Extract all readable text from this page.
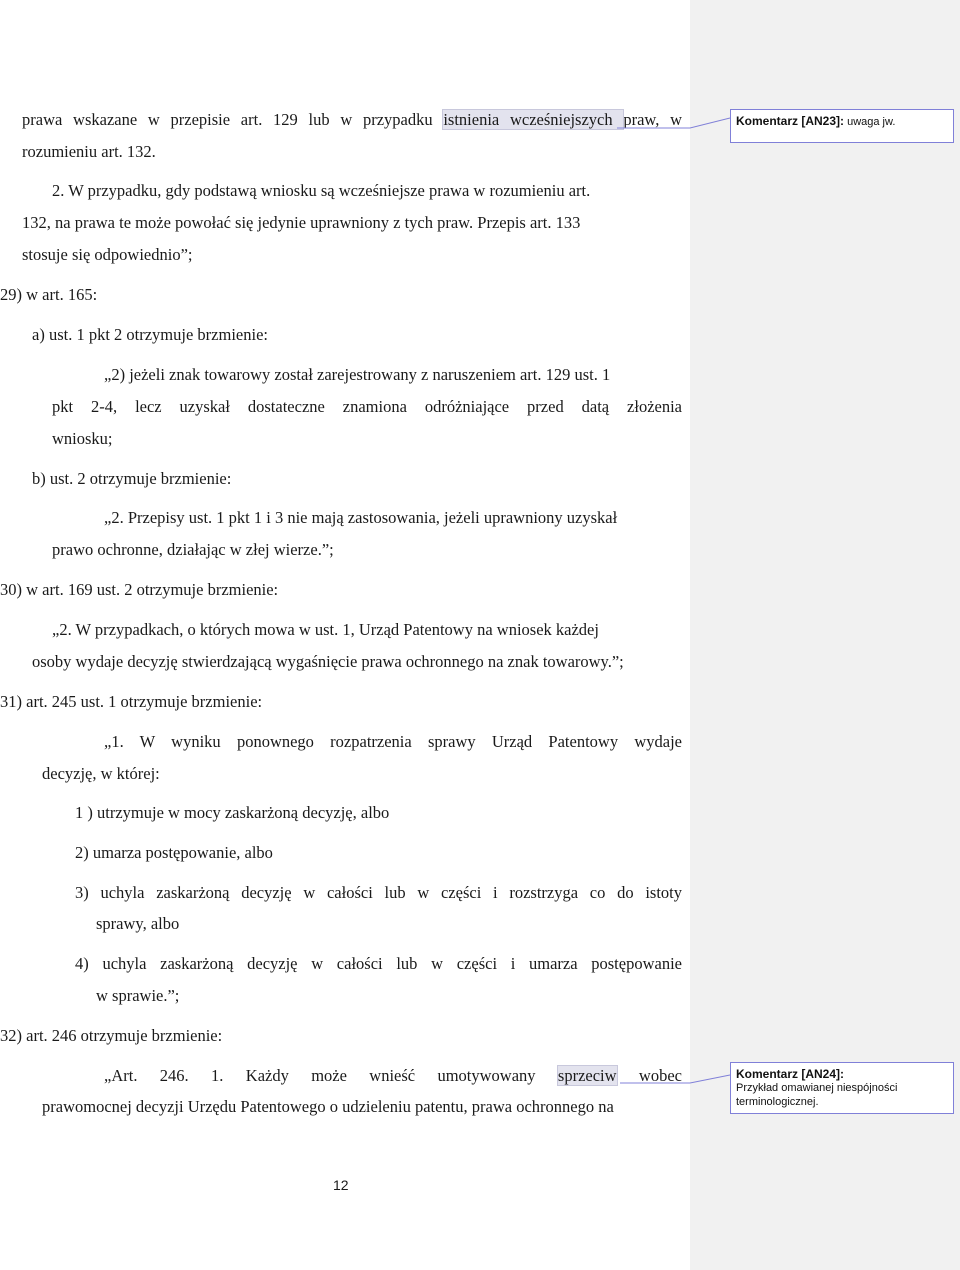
prawa wskazane w przepisie art. 129 lub w przypadku istnienia wcześniejszych praw, w
rozumieniu art. 132.
2. W przypadku, gdy podstawą wniosku są wcześniejsze prawa w rozumieniu art.
132, na prawa te może powołać się jedynie uprawniony z tych praw. Przepis art. 133
stosuje się odpowiednio”;
29) w art. 165:
a) ust. 1 pkt 2 otrzymuje brzmienie:
„2) jeżeli znak towarowy został zarejestrowany z naruszeniem art. 129 ust. 1
pkt 2-4, lecz uzyskał dostateczne znamiona odróżniające przed datą złożenia
wniosku;
b) ust. 2 otrzymuje brzmienie:
„2. Przepisy ust. 1 pkt 1 i 3 nie mają zastosowania, jeżeli uprawniony uzyskał
prawo ochronne, działając w złej wierze.”;
30) w art. 169 ust. 2 otrzymuje brzmienie:
„2. W przypadkach, o których mowa w ust. 1, Urząd Patentowy na wniosek każdej
osoby wydaje decyzję stwierdzającą wygaśnięcie prawa ochronnego na znak towarowy.”;
31) art. 245 ust. 1 otrzymuje brzmienie:
„1. W wyniku ponownego rozpatrzenia sprawy Urząd Patentowy wydaje
decyzję, w której:
1 ) utrzymuje w mocy zaskarżoną decyzję, albo
2) umarza postępowanie, albo
3) uchyla zaskarżoną decyzję w całości lub w części i rozstrzyga co do istoty
sprawy, albo
4) uchyla zaskarżoną decyzję w całości lub w części i umarza postępowanie
w sprawie.”;
32) art. 246 otrzymuje brzmienie:
„Art. 246. 1. Każdy może wnieść umotywowany sprzeciw wobec
prawomocnej decyzji Urzędu Patentowego o udzieleniu patentu, prawa ochronnego na
12
Komentarz [AN23]: uwaga jw.
Komentarz [AN24]:
Przykład omawianej niespójności terminologicznej.
